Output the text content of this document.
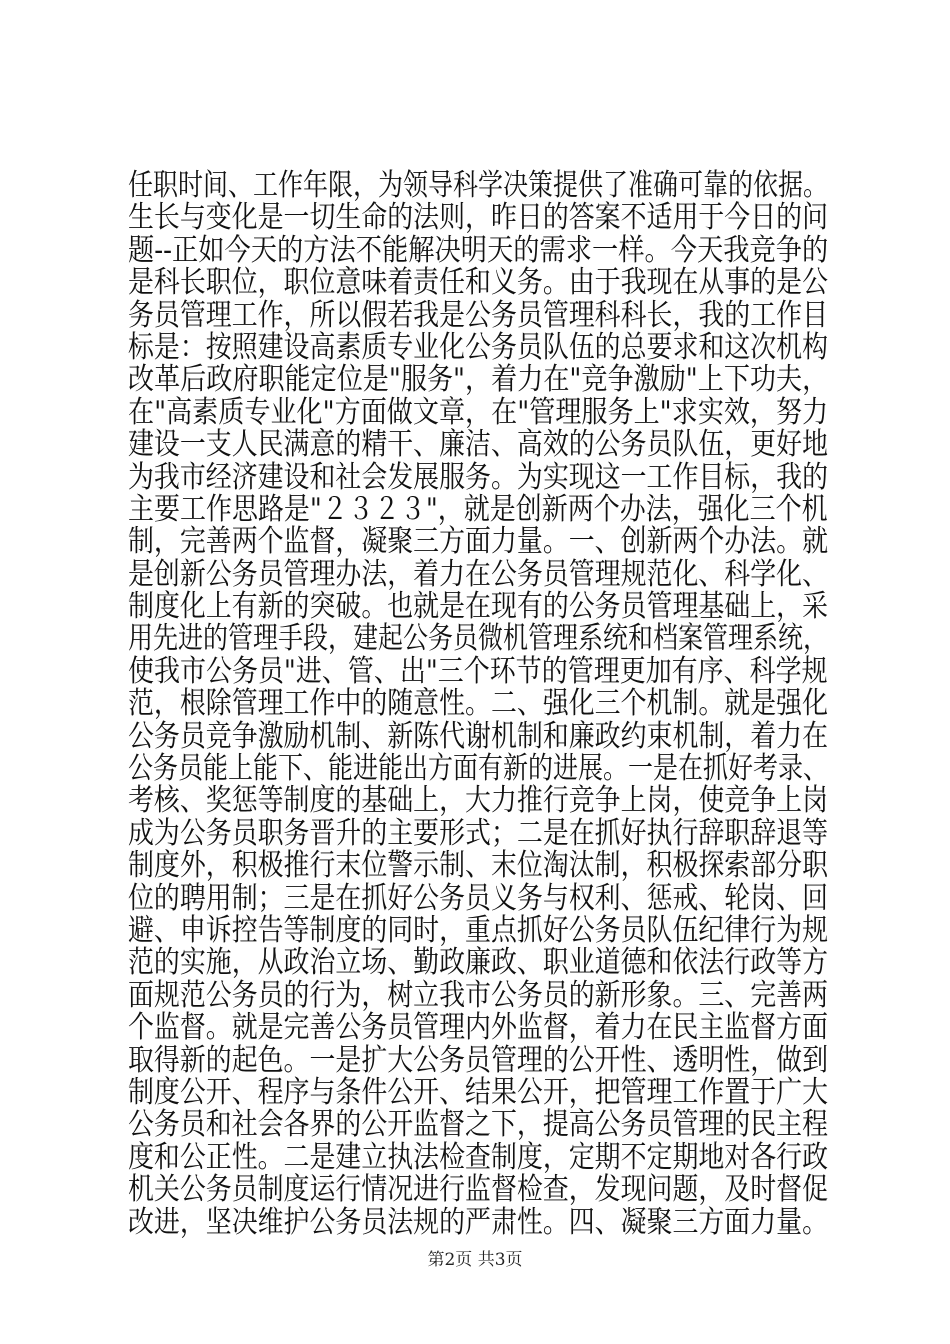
任职时间、工作年限，为领导科学决策提供了准确可靠的依据。
生长与变化是一切生命的法则，昨日的答案不适用于今日的问
题--正如今天的方法不能解决明天的需求一样。今天我竞争的
是科长职位，职位意味着责任和义务。由于我现在从事的是公
务员管理工作，所以假若我是公务员管理科科长，我的工作目
标是：按照建设高素质专业化公务员队伍的总要求和这次机构
改革后政府职能定位是"服务"，着力在"竞争激励"上下功夫，
在"高素质专业化"方面做文章，在"管理服务上"求实效，努力
建设一支人民满意的精干、廉洁、高效的公务员队伍，更好地
为我市经济建设和社会发展服务。为实现这一工作目标，我的
主要工作思路是"２３２３"，就是创新两个办法，强化三个机
制，完善两个监督，凝聚三方面力量。一、创新两个办法。就
是创新公务员管理办法，着力在公务员管理规范化、科学化、
制度化上有新的突破。也就是在现有的公务员管理基础上，采
用先进的管理手段，建起公务员微机管理系统和档案管理系统，
使我市公务员"进、管、出"三个环节的管理更加有序、科学规
范，根除管理工作中的随意性。二、强化三个机制。就是强化
公务员竞争激励机制、新陈代谢机制和廉政约束机制，着力在
公务员能上能下、能进能出方面有新的进展。一是在抓好考录、
考核、奖惩等制度的基础上，大力推行竞争上岗，使竞争上岗
成为公务员职务晋升的主要形式；二是在抓好执行辞职辞退等
制度外，积极推行末位警示制、末位淘汰制，积极探索部分职
位的聘用制；三是在抓好公务员义务与权利、惩戒、轮岗、回
避、申诉控告等制度的同时，重点抓好公务员队伍纪律行为规
范的实施，从政治立场、勤政廉政、职业道德和依法行政等方
面规范公务员的行为，树立我市公务员的新形象。三、完善两
个监督。就是完善公务员管理内外监督，着力在民主监督方面
取得新的起色。一是扩大公务员管理的公开性、透明性，做到
制度公开、程序与条件公开、结果公开，把管理工作置于广大
公务员和社会各界的公开监督之下，提高公务员管理的民主程
度和公正性。二是建立执法检查制度，定期不定期地对各行政
机关公务员制度运行情况进行监督检查，发现问题，及时督促
改进，坚决维护公务员法规的严肃性。四、凝聚三方面力量。
第2页 共3页
